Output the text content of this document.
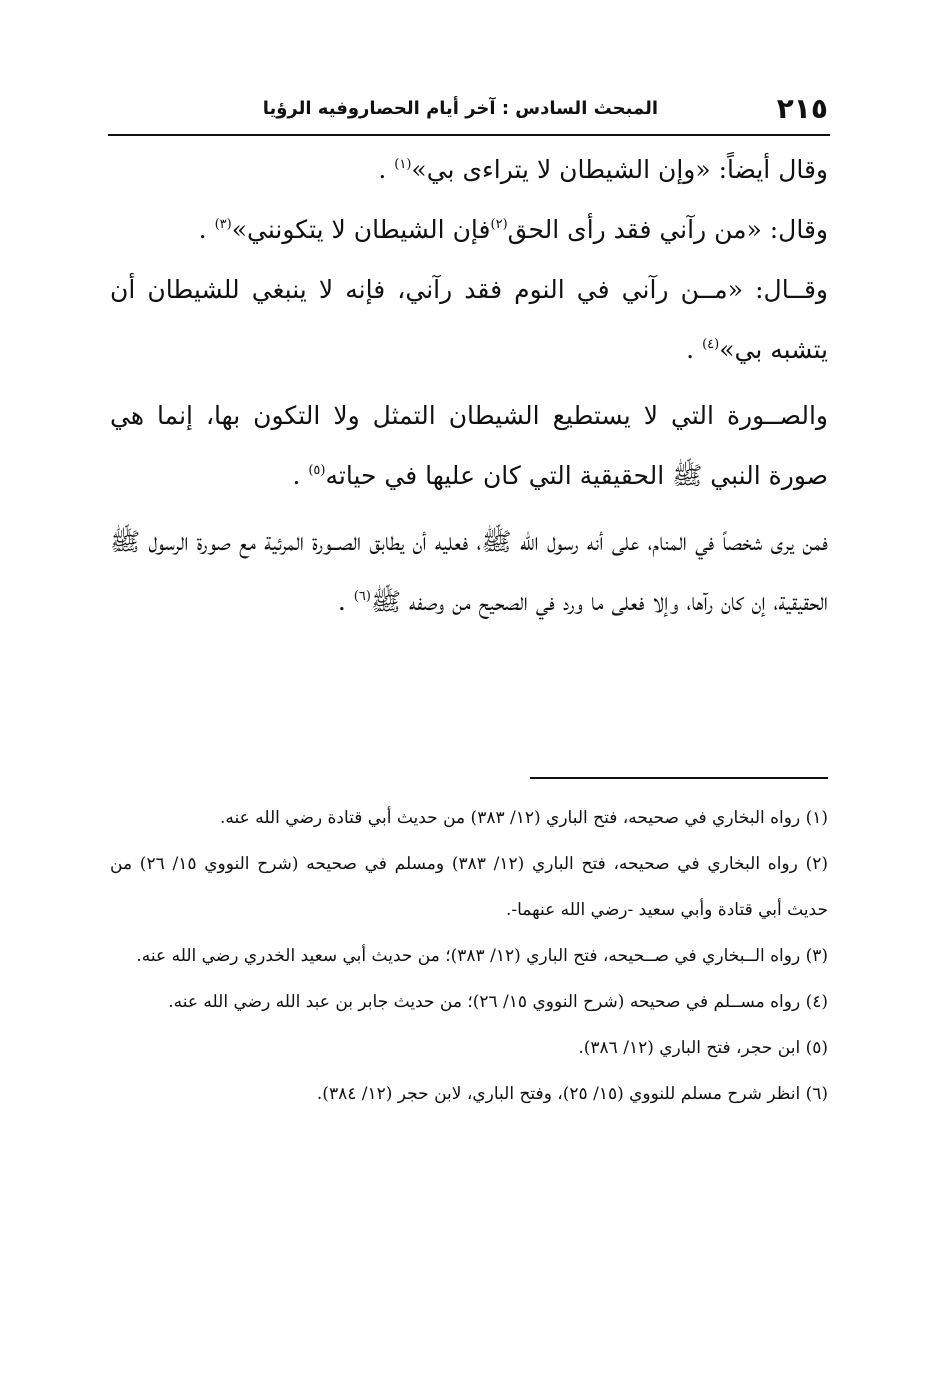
٢١٥
المبحث السادس : آخر أيام الحصاروفيه الرؤيا

وقال أيضاً: «وإن الشيطان لا يتراءى بي»$^{(١)}$ .

وقال: «من رآني فقد رأى الحق$^{(٢)}$فإن الشيطان لا يتكونني»$^{(٣)}$ .

وقــال: «مــن رآني في النوم فقد رآني، فإنه لا ينبغي للشيطان أن يتشبه بي»$^{(٤)}$ .

والصــورة التي لا يستطيع الشيطان التمثل ولا التكون بها، إنما هي صورة النبي ﷺ الحقيقية التي كان عليها في حياته$^{(٥)}$ .

فمن يرى شخصاً في المنام، على أنه رسول الله ﷺ، فعليه أن يطابق الصــورة المرئية مع صورة الرسول ﷺ الحقيقية، إن كان رآها، وإلا فعلى ما ورد في الصحيح من وصفه ﷺ$^{(٦)}$ .

(١) رواه البخاري في صحيحه، فتح الباري (١٢/ ٣٨٣) من حديث أبي قتادة رضي الله عنه.

(٢) رواه البخاري في صحيحه، فتح الباري (١٢/ ٣٨٣) ومسلم في صحيحه (شرح النووي ١٥/ ٢٦) من حديث أبي قتادة وأبي سعيد -رضي الله عنهما-.

(٣) رواه الــبخاري في صــحيحه، فتح الباري (١٢/ ٣٨٣)؛ من حديث أبي سعيد الخدري رضي الله عنه.

(٤) رواه مســلم في صحيحه (شرح النووي ١٥/ ٢٦)؛ من حديث جابر بن عبد الله رضي الله عنه.

(٥) ابن حجر، فتح الباري (١٢/ ٣٨٦).

(٦) انظر شرح مسلم للنووي (١٥/ ٢٥)، وفتح الباري، لابن حجر (١٢/ ٣٨٤).
